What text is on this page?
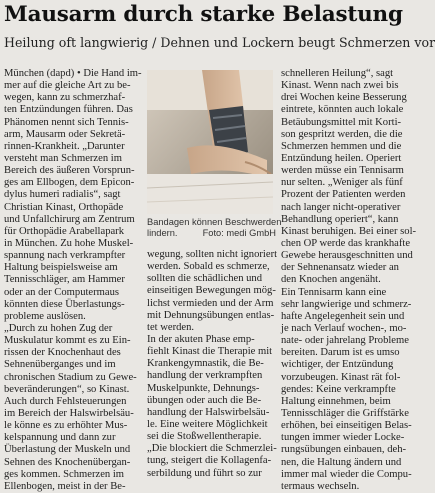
Mausarm durch starke Belastung
Heilung oft langwierig / Dehnen und Lockern beugt Schmerzen vor
München (dapd) • Die Hand im-
mer auf die gleiche Art zu be-
wegen, kann zu schmerzhaf-
ten Entzündungen führen. Das
Phänomen nennt sich Tennis-
arm, Mausarm oder Sekretä-
rinnen-Krankheit. „Darunter
versteht man Schmerzen im
Bereich des äußeren Vorsprun-
ges am Ellbogen, dem Epicon-
dylus humeri radialis“, sagt
Christian Kinast, Orthopäde
und Unfallchirurg am Zentrum
für Orthopädie Arabellapark
in München. Zu hohe Muskel-
spannung nach verkrampfter
Haltung beispielsweise am
Tennisschläger, am Hammer
oder an der Computermaus
könnten diese Überlastungs-
probleme auslösen.
„Durch zu hohen Zug der
Muskulatur kommt es zu Ein-
rissen der Knochenhaut des
Sehnenüberganges und im
chronischen Stadium zu Gewe-
beveränderungen“, so Kinast.
Auch durch Fehlsteuerungen
im Bereich der Halswirbelsäu-
le könne es zu erhöhter Mus-
kelspannung und dann zur
Überlastung der Muskeln und
Sehnen des Knochenübergan-
ges kommen. Schmerzen im
Ellenbogen, meist in der Be-
Bandagen können Beschwerden
lindern.	Foto: medi GmbH
wegung, sollten nicht ignoriert
werden. Sobald es schmerze,
sollten die schädlichen und
einseitigen Bewegungen mög-
lichst vermieden und der Arm
mit Dehnungsübungen entlas-
tet werden.
In der akuten Phase emp-
fiehlt Kinast die Therapie mit
Krankengymnastik, die Be-
handlung der verkrampften
Muskelpunkte, Dehnungs-
übungen oder auch die Be-
handlung der Halswirbelsäu-
le. Eine weitere Möglichkeit
sei die Stoßwellentherapie.
„Die blockiert die Schmerzlei-
tung, steigert die Kollagenfa-
serbildung und führt so zur
schnelleren Heilung“, sagt
Kinast. Wenn nach zwei bis
drei Wochen keine Besserung
eintrete, könnten auch lokale
Betäubungsmittel mit Korti-
son gespritzt werden, die die
Schmerzen hemmen und die
Entzündung heilen. Operiert
werden müsse ein Tennisarm
nur selten. „Weniger als fünf
Prozent der Patienten werden
nach langer nicht-operativer
Behandlung operiert“, kann
Kinast beruhigen. Bei einer sol-
chen OP werde das krankhafte
Gewebe herausgeschnitten und
der Sehnenansatz wieder an
den Knochen angenäht.
Ein Tennisarm kann eine
sehr langwierige und schmerz-
hafte Angelegenheit sein und
je nach Verlauf wochen-, mo-
nate- oder jahrelang Probleme
bereiten. Darum ist es umso
wichtiger, der Entzündung
vorzubeugen. Kinast rät fol-
gendes: Keine verkrampfte
Haltung einnehmen, beim
Tennisschläger die Griffstärke
erhöhen, bei einseitigen Belas-
tungen immer wieder Locke-
rungsübungen einbauen, deh-
nen, die Haltung ändern und
immer mal wieder die Compu-
termaus wechseln.
